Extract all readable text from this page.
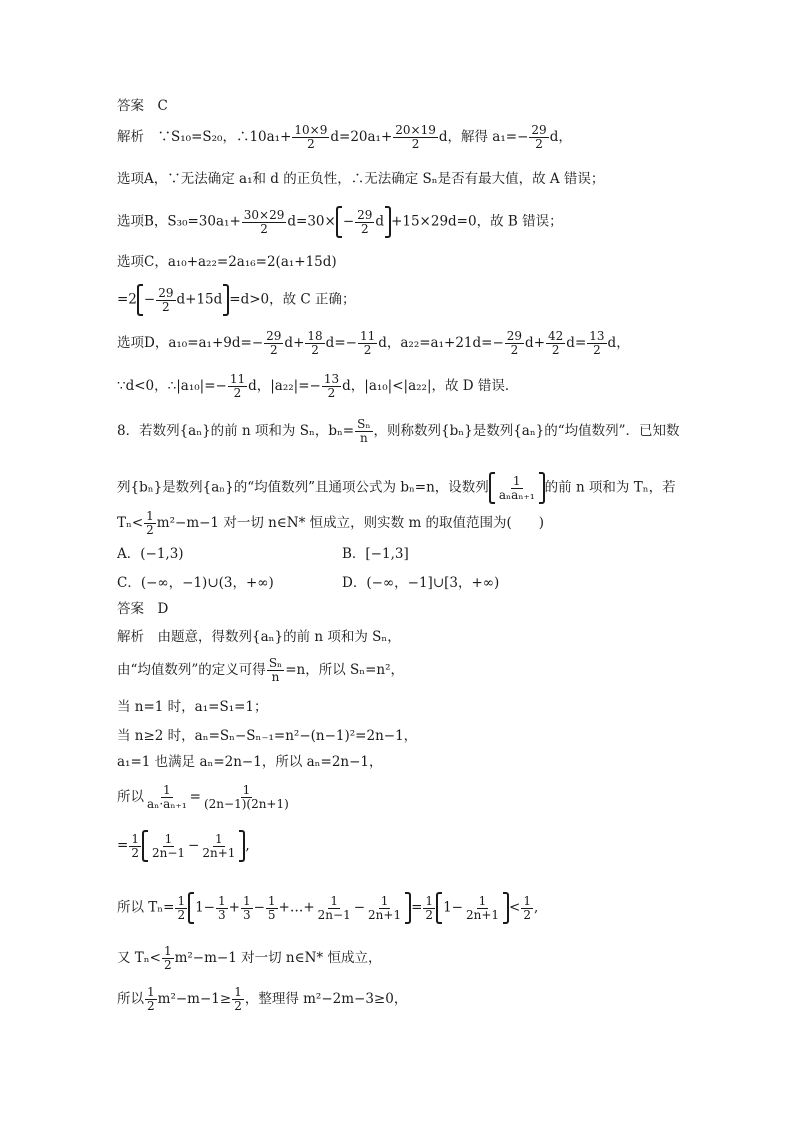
答案　C
解析　∵S₁₀=S₂₀，∴10a₁+ $\frac{10\times 9}{2} d=20a_1+ \frac{20\times 19}{2}$ d，解得 $a_1=- \frac{29}{2}$ d，
选项A，∵无法确定 a₁和 d 的正负性，∴无法确定 Sₙ是否有最大值，故 A 错误；
选项B，$S_{30}=30a_1+ \frac{30\times 29}{2} d=30\times - \frac{29}{2}$ d +15×29d=0，故 B 错误；
选项C，a₁₀+a₂₂=2a₁₆=2(a₁+15d)
$=2 - \frac{29}{2} d+15d =d>0$，故 C 正确；
选项D，$a_{10}=a_1+9d=- \frac{29}{2} d+ \frac{18}{2} d=- \frac{11}{2}$ d，$a_{22}=a_1+21d=- \frac{29}{2} d+ \frac{42}{2} d= \frac{13}{2}$ d，
∵d<0，∴|a₁₀|=− $\frac{11}{2}$ d，$|a_{22}|=- \frac{13}{2}$ d，|a₁₀|<|a₂₂|，故 D 错误．
8．若数列{aₙ}的前 n 项和为 Sₙ，$b_n= \frac{\text{Sₙ}}{n}$ ，则称数列{bₙ}是数列{aₙ}的“均值数列”．已知数
列{bₙ}是数列{aₙ}的“均值数列”且通项公式为 bₙ=n，设数列 $\frac{1}{\text{aₙaₙ₊₁}}$ 的前 n 项和为 Tₙ，若
$T_n< \frac{1}{2} m^2-m-1$ 对一切 n∈N* 恒成立，则实数 m 的取值范围为(　　)
A．(−1,3)	B．[−1,3]
C．(−∞，−1)∪(3，+∞)	D．(−∞，−1]∪[3，+∞)
答案　D
解析　由题意，得数列{aₙ}的前 n 项和为 Sₙ，
由“均值数列”的定义可得 $\frac{\text{Sₙ}}{n} =n$，所以 Sₙ=n²，
当 n=1 时，a₁=S₁=1；
当 n≥2 时，aₙ=Sₙ−Sₙ₋₁=n²−(n−1)²=2n−1，
a₁=1 也满足 aₙ=2n−1，所以 aₙ=2n−1，
所以 $\frac{1}{\text{aₙ·aₙ₊₁}} = \frac{1}{(2n-1)(2n+1)}$
= $\frac{1}{2} \frac{1}{2n-1} - \frac{1}{2n+1}$ ,
所以 $T_n= \frac{1}{2} 1- \frac{1}{3} + \frac{1}{3} - \frac{1}{5}$ +…+ $\frac{1}{2n-1} - \frac{1}{2n+1} = \frac{1}{2} 1- \frac{1}{2n+1} < \frac{1}{2}$ ,
又 $T_n< \frac{1}{2} m^2-m-1$ 对一切 n∈N* 恒成立，
所以 $\frac{1}{2} m^2-m-1\ge \frac{1}{2}$ ，整理得 m²−2m−3≥0，
